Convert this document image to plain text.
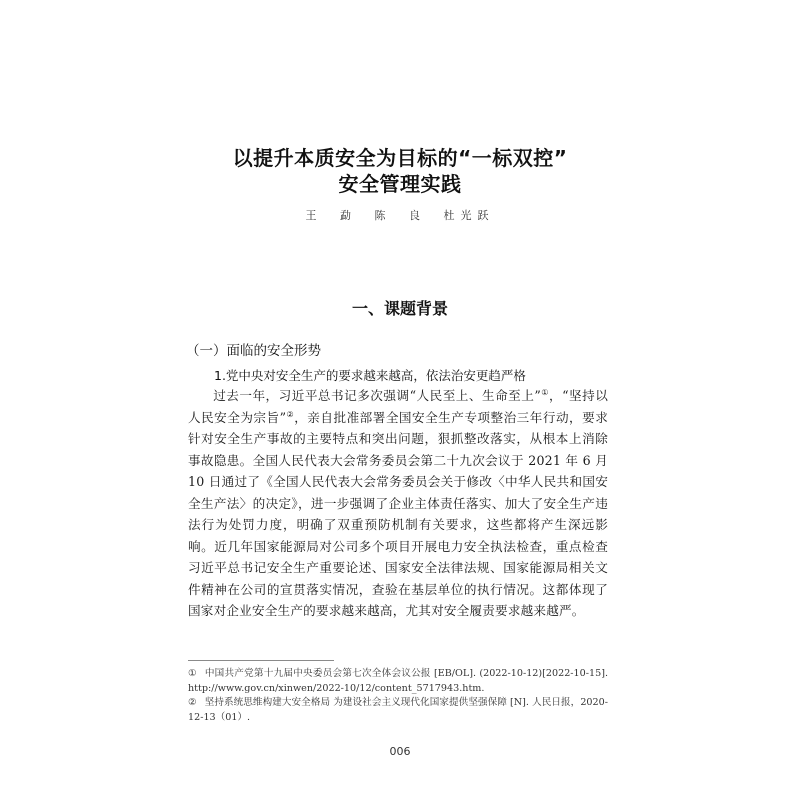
以提升本质安全为目标的“一标双控”
安全管理实践
王 勐 陈 良 杜光跃
一、课题背景
（一）面临的安全形势
1.党中央对安全生产的要求越来越高，依法治安更趋严格
过去一年，习近平总书记多次强调“人民至上、生命至上”①，“坚持以人民安全为宗旨”②，亲自批准部署全国安全生产专项整治三年行动，要求针对安全生产事故的主要特点和突出问题，狠抓整改落实，从根本上消除事故隐患。全国人民代表大会常务委员会第二十九次会议于 2021 年 6 月 10 日通过了《全国人民代表大会常务委员会关于修改〈中华人民共和国安全生产法〉的决定》，进一步强调了企业主体责任落实、加大了安全生产违法行为处罚力度，明确了双重预防机制有关要求，这些都将产生深远影响。近几年国家能源局对公司多个项目开展电力安全执法检查，重点检查习近平总书记安全生产重要论述、国家安全法律法规、国家能源局相关文件精神在公司的宣贯落实情况，查验在基层单位的执行情况。这都体现了国家对企业安全生产的要求越来越高，尤其对安全履责要求越来越严。
① 中国共产党第十九届中央委员会第七次全体会议公报 [EB/OL]. (2022-10-12)[2022-10-15]. http://www.gov.cn/xinwen/2022-10/12/content_5717943.htm.
② 坚持系统思维构建大安全格局 为建设社会主义现代化国家提供坚强保障 [N]. 人民日报，2020-12-13（01）.
006
